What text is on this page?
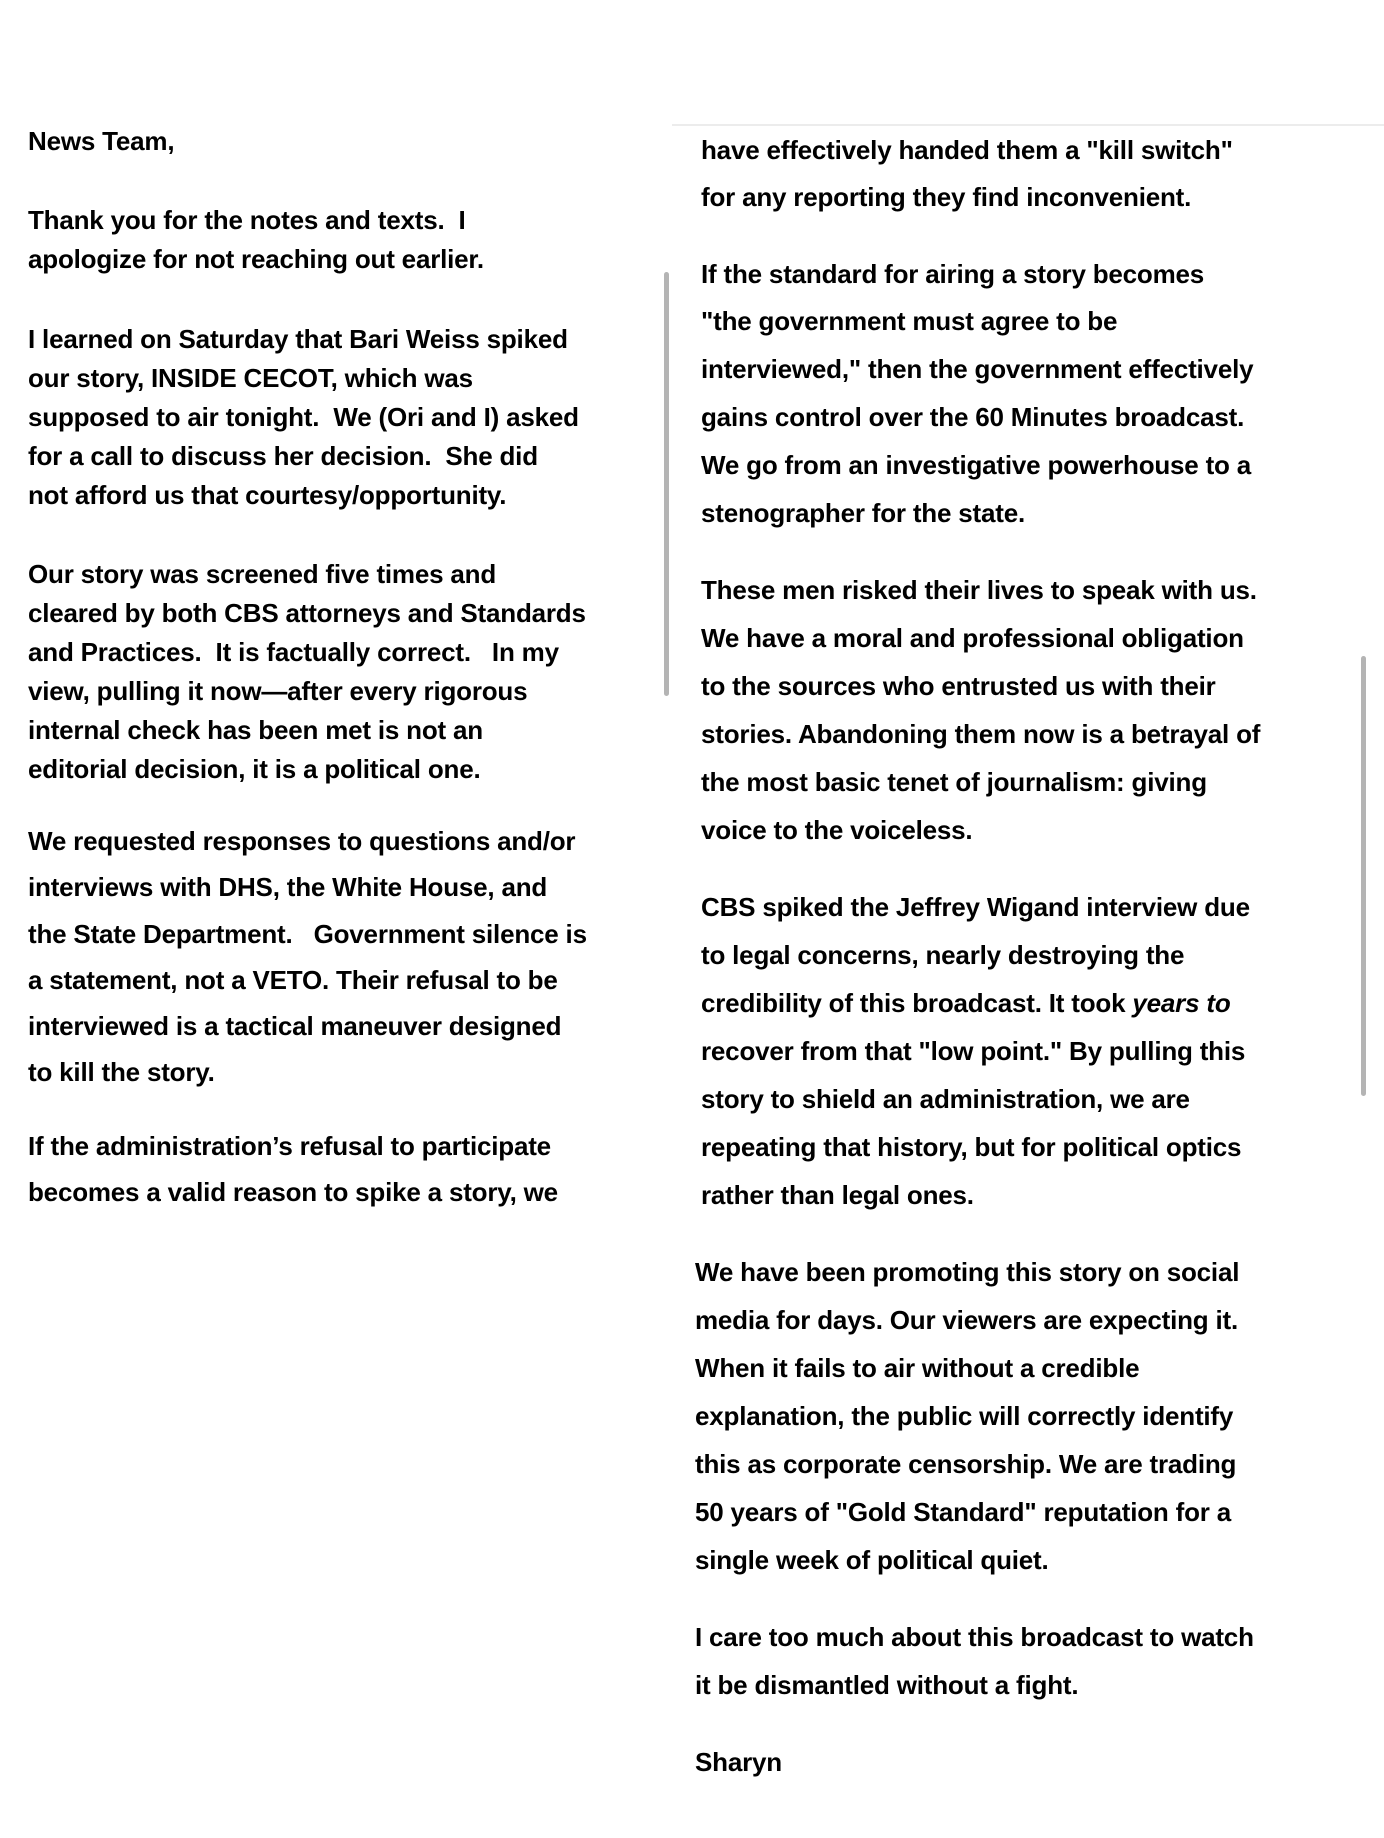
News Team,
Thank you for the notes and texts.  I
apologize for not reaching out earlier.
I learned on Saturday that Bari Weiss spiked
our story, INSIDE CECOT, which was
supposed to air tonight.  We (Ori and I) asked
for a call to discuss her decision.  She did
not afford us that courtesy/opportunity.
Our story was screened five times and
cleared by both CBS attorneys and Standards
and Practices.  It is factually correct.   In my
view, pulling it now—after every rigorous
internal check has been met is not an
editorial decision, it is a political one.
We requested responses to questions and/or
interviews with DHS, the White House, and
the State Department.   Government silence is
a statement, not a VETO. Their refusal to be
interviewed is a tactical maneuver designed
to kill the story.
If the administration’s refusal to participate
becomes a valid reason to spike a story, we
have effectively handed them a "kill switch"
for any reporting they find inconvenient.
If the standard for airing a story becomes
"the government must agree to be
interviewed," then the government effectively
gains control over the 60 Minutes broadcast.
We go from an investigative powerhouse to a
stenographer for the state.
These men risked their lives to speak with us.
We have a moral and professional obligation
to the sources who entrusted us with their
stories. Abandoning them now is a betrayal of
the most basic tenet of journalism: giving
voice to the voiceless.
CBS spiked the Jeffrey Wigand interview due
to legal concerns, nearly destroying the
credibility of this broadcast. It took years to
recover from that "low point." By pulling this
story to shield an administration, we are
repeating that history, but for political optics
rather than legal ones.
We have been promoting this story on social
media for days. Our viewers are expecting it.
When it fails to air without a credible
explanation, the public will correctly identify
this as corporate censorship. We are trading
50 years of "Gold Standard" reputation for a
single week of political quiet.
I care too much about this broadcast to watch
it be dismantled without a fight.
Sharyn
